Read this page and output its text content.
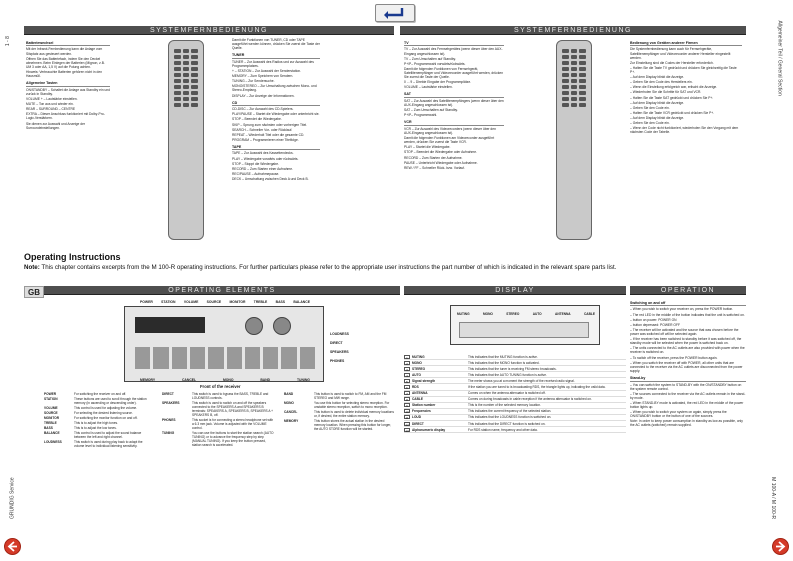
1 - 8
GRUNDIG Service
Allgemeiner Teil / General Section
M 100-A / M 100-R
SYSTEMFERNBEDIENUNG
Batteriewechsel
Mit der Infrarot-Fernbedienung kann die Anlage vom Sitzplatz aus gesteuert werden.
Öffnen Sie das Batteriefach, indem Sie den Deckel abnehmen. Beim Einlegen der Batterien (Mignon, z.B. UM 3 oder AA, 1,5 V) auf die Polung achten.
Hinweis: Verbrauchte Batterien gehören nicht in den Hausmüll.
Allgemeine Tasten
ON/STANDBY – Schaltet die Anlage aus Standby ein und zurück in Standby.
VOLUME + – Lautstärke einstellen.
MUTE – Ton aus und wieder ein.
REAR – SURROUND – CENTRE
EXTRA – Dieser Anschluss funktioniert mit Dolby-Pro-Logic-Verstärkern.
Sie dienen zur Auswahl und Anzeige der Surroundeinstellungen.
Damit die Funktionen von TUNER, CD oder TAPE ausgeführt werden können, drücken Sie zuerst die Taste der Quelle.
TUNER
TUNER – Zur Auswahl des Radios und zur Auswahl des Programmplatzes.
+ – STATION – Zur Auswahl der Senderstation.
MEMORY – Zum Speichern von Sendern.
TUNING – Zur Sendersuche.
MONO/STEREO – Zur Umschaltung zwischen Mono- und Stereo-Empfang.
DISPLAY – Zur Anzeige der Informationen.
CD
CD-DISC – Zur Auswahl des CD-Spielers.
PLAY/PAUSE – Startet die Wiedergabe oder unterbricht sie.
STOP – Beendet die Wiedergabe.
SKIP – Sprung zum nächsten oder vorherigen Titel.
SEARCH – Schneller Vor- oder Rücklauf.
REPEAT – Wiederholt Titel oder die gesamte CD.
PROGRAM – Programmieren einer Titelfolge.
TAPE
TAPE – Zur Auswahl des Kassettendecks.
PLAY – Wiedergabe vorwärts oder rückwärts.
STOP – Stoppt die Wiedergabe.
RECORD – Zum Starten einer Aufnahme.
REC/PAUSE – Aufnahmepause.
DECK – Umschaltung zwischen Deck A und Deck B.
SYSTEMFERNBEDIENUNG
TV
TV – Zur Auswahl des Fernsehgerätes (wenn dieser über den AUX-Eingang angeschlossen ist).
TV – Zum Umschalten auf Standby.
P+/P– Programmwahl vorwärts/rückwärts.
Damit die folgenden Funktionen von Fernsehgerät, Satellitenempfänger und Videorecorder ausgeführt werden, drücken Sie zuerst die Taste der Quelle.
0 ... 9 – Direkte Eingabe der Programmplätze.
VOLUME – Lautstärke einstellen.
SAT
SAT – Zur Auswahl des Satellitenempfängers (wenn dieser über den AUX-Eingang angeschlossen ist).
SAT – Zum Umschalten auf Standby.
P+/P– Programmwahl.
VCR
VCR – Zur Auswahl des Videorecorders (wenn dieser über den AUX-Eingang angeschlossen ist).
Damit die folgenden Funktionen am Videorecorder ausgeführt werden, drücken Sie zuerst die Taste VCR.
PLAY – Startet die Wiedergabe.
STOP – Beendet die Wiedergabe oder Aufnahme.
RECORD – Zum Starten der Aufnahme.
PAUSE – Unterbricht Wiedergabe oder Aufnahme.
REW / FF – Schneller Rück- bzw. Vorlauf.
Bedienung von Geräten anderer Firmen
Die Systemfernbedienung kann auch für Fernsehgeräte, Satellitenempfänger und Videorecorder anderer Hersteller eingestellt werden.
Zur Einstellung sind die Codes der Hersteller erforderlich.
– Halten Sie die Taste TV gedrückt und drücken Sie gleichzeitig die Taste P+.
– Auf dem Display blinkt die Anzeige.
– Geben Sie den Code des Herstellers ein.
– Wenn die Einstellung erfolgreich war, erlischt die Anzeige.
– Wiederholen Sie die Schritte für SAT und VCR.
– Halten Sie die Taste SAT gedrückt und drücken Sie P+.
– Auf dem Display blinkt die Anzeige.
– Geben Sie den Code ein.
– Halten Sie die Taste VCR gedrückt und drücken Sie P+.
– Auf dem Display blinkt die Anzeige.
– Geben Sie den Code ein.
– Wenn der Code nicht funktioniert, wiederholen Sie den Vorgang mit dem nächsten Code der Tabelle.
Operating Instructions
Note: This chapter contains excerpts from the M 100-R operating instructions. For further particulars please refer to the appropriate user instructions the part number of which is indicated in the relevant spare parts list.
GB	OPERATING ELEMENTS
POWER STATION VOLUME SOURCE MONITOR TREBLE BASS BALANCE
LOUDNESS
DIRECT
SPEAKERS
PHONES
MEMORY	CANCEL	MONO	BAND	TUNING
Front of the receiver
POWER	For switching the receiver on and off.
STATION	These buttons are used to scroll through the station memory (in ascending or descending order).
VOLUME	This control is used for adjusting the volume.
SOURCE	For selecting the desired listening source.
MONITOR	For switching the monitor function on and off.
TREBLE	This is to adjust the high tones.
BASS	This is to adjust the low tones.
BALANCE	This control is used to adjust the sound balance between the left and right channel.
LOUDNESS	This switch is used during play back to adapt the volume level to individual listening sensitivity.
DIRECT	This switch is used to bypass the BASS, TREBLE and LOUDNESS controls.
SPEAKERS	This switch is used to switch on and off the speakers connected to the SPEAKERS A and SPEAKERS B terminals: SPEAKERS A, SPEAKERS B, SPEAKERS A + SPEAKERS B, off.
PHONES	This socket is for connecting a stereo headphone set with a 6.3 mm jack. Volume is adjusted with the VOLUME control.
TUNING	You can use the buttons to start the station search (AUTO TUNING) or to advance the frequency step by step (MANUAL TUNING). If you keep the button pressed, station search is accelerated.
BAND	This button is used to switch to FM, AM and the FM STEREO and MW range.
MONO	You use this button for selecting stereo reception. For unstable stereo reception, switch to mono reception.
CANCEL	This button is used to delete individual memory locations or, if desired, the entire station memory.
MEMORY	This button stores the actual station in the desired memory location. When pressing this button for longer, the AUTO STORE function will be started.
DISPLAY
MUTING	MONO	STEREO	AUTO	ANTENNA	CABLE
1	MUTING	This indicates that the MUTING function is active.
2	MONO	This indicates that the MONO function is activated.
3	STEREO	This indicates that the tuner is receiving FM stereo broadcasts.
4	AUTO	This indicates that the AUTO TUNING function is active.
5	Signal strength	The meter shows you at a moment the strength of the received radio signal.
6	RDS	If the station you are tuned to is broadcasting RDS, the triangle lights up, indicating the valid data.
7	ANTENNA	Comes on when the antenna attenuator is switched off.
8	CABLE	Comes on during broadcasts in cable reception if the antenna attenuator is switched on.
9	Station number	This is the number of the selected memory location.
10	Frequencies	This indicates the current frequency of the selected station.
11	LOUD	This indicates that the LOUDNESS function is switched on.
12	DIRECT	This indicates that the DIRECT function is switched on.
13	Alphanumeric display	For RDS station name, frequency and other data.
OPERATION
Switching on and off
– When you wish to switch your receiver on, press the POWER button.
– The red LED in the middle of the button indicates that the unit is switched on.
– button on power: POWER ON
– button depressed: POWER OFF
– The receiver will be activated and the source that was chosen before the power was switched off will be selected again.
– If the receiver has been switched to standby before it was switched off, the standby mode will be selected when the power is switched back on.
– The units connected to the AC outlets are also provided with power when the receiver is switched on.
– To switch off the receiver, press the POWER button again.
– When you switch the receiver off with POWER, all other units that are connected to the receiver via the AC outlets are disconnected from the power supply.
Stand-by
– You can switch the system to STAND-BY with the ON/STANDBY button on the system remote control.
– The sources connected to the receiver via the AC outlets remain in the stand-by mode.
– When STAND-BY mode is activated, the red LED in the middle of the power button lights up.
– When you wish to switch your system on again, simply press the ON/STANDBY button or the button of one of the sources.
Note: In order to keep power consumption in standby as low as possible, only the AC outlets (switched) remain supplied.
